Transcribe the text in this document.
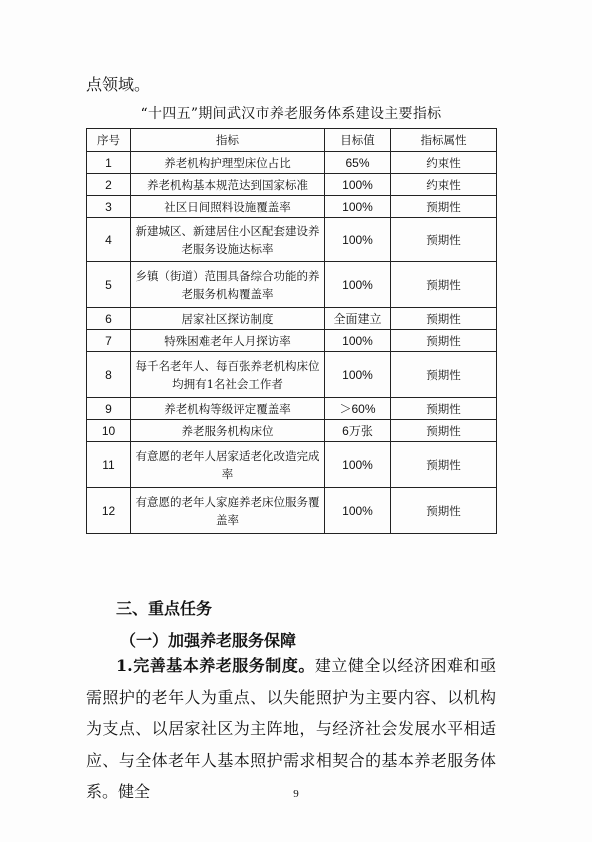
点领域。
“十四五”期间武汉市养老服务体系建设主要指标
序号	指标	目标值	指标属性
1	养老机构护理型床位占比	65%	约束性
2	养老机构基本规范达到国家标准	100%	约束性
3	社区日间照料设施覆盖率	100%	预期性
4	新建城区、新建居住小区配套建设养老服务设施达标率	100%	预期性
5	乡镇（街道）范围具备综合功能的养老服务机构覆盖率	100%	预期性
6	居家社区探访制度	全面建立	预期性
7	特殊困难老年人月探访率	100%	预期性
8	每千名老年人、每百张养老机构床位均拥有1名社会工作者	100%	预期性
9	养老机构等级评定覆盖率	＞60%	预期性
10	养老服务机构床位	6万张	预期性
11	有意愿的老年人居家适老化改造完成率	100%	预期性
12	有意愿的老年人家庭养老床位服务覆盖率	100%	预期性
三、重点任务
（一）加强养老服务保障
1.完善基本养老服务制度。建立健全以经济困难和亟需照护的老年人为重点、以失能照护为主要内容、以机构为支点、以居家社区为主阵地，与经济社会发展水平相适应、与全体老年人基本照护需求相契合的基本养老服务体系。健全	9
